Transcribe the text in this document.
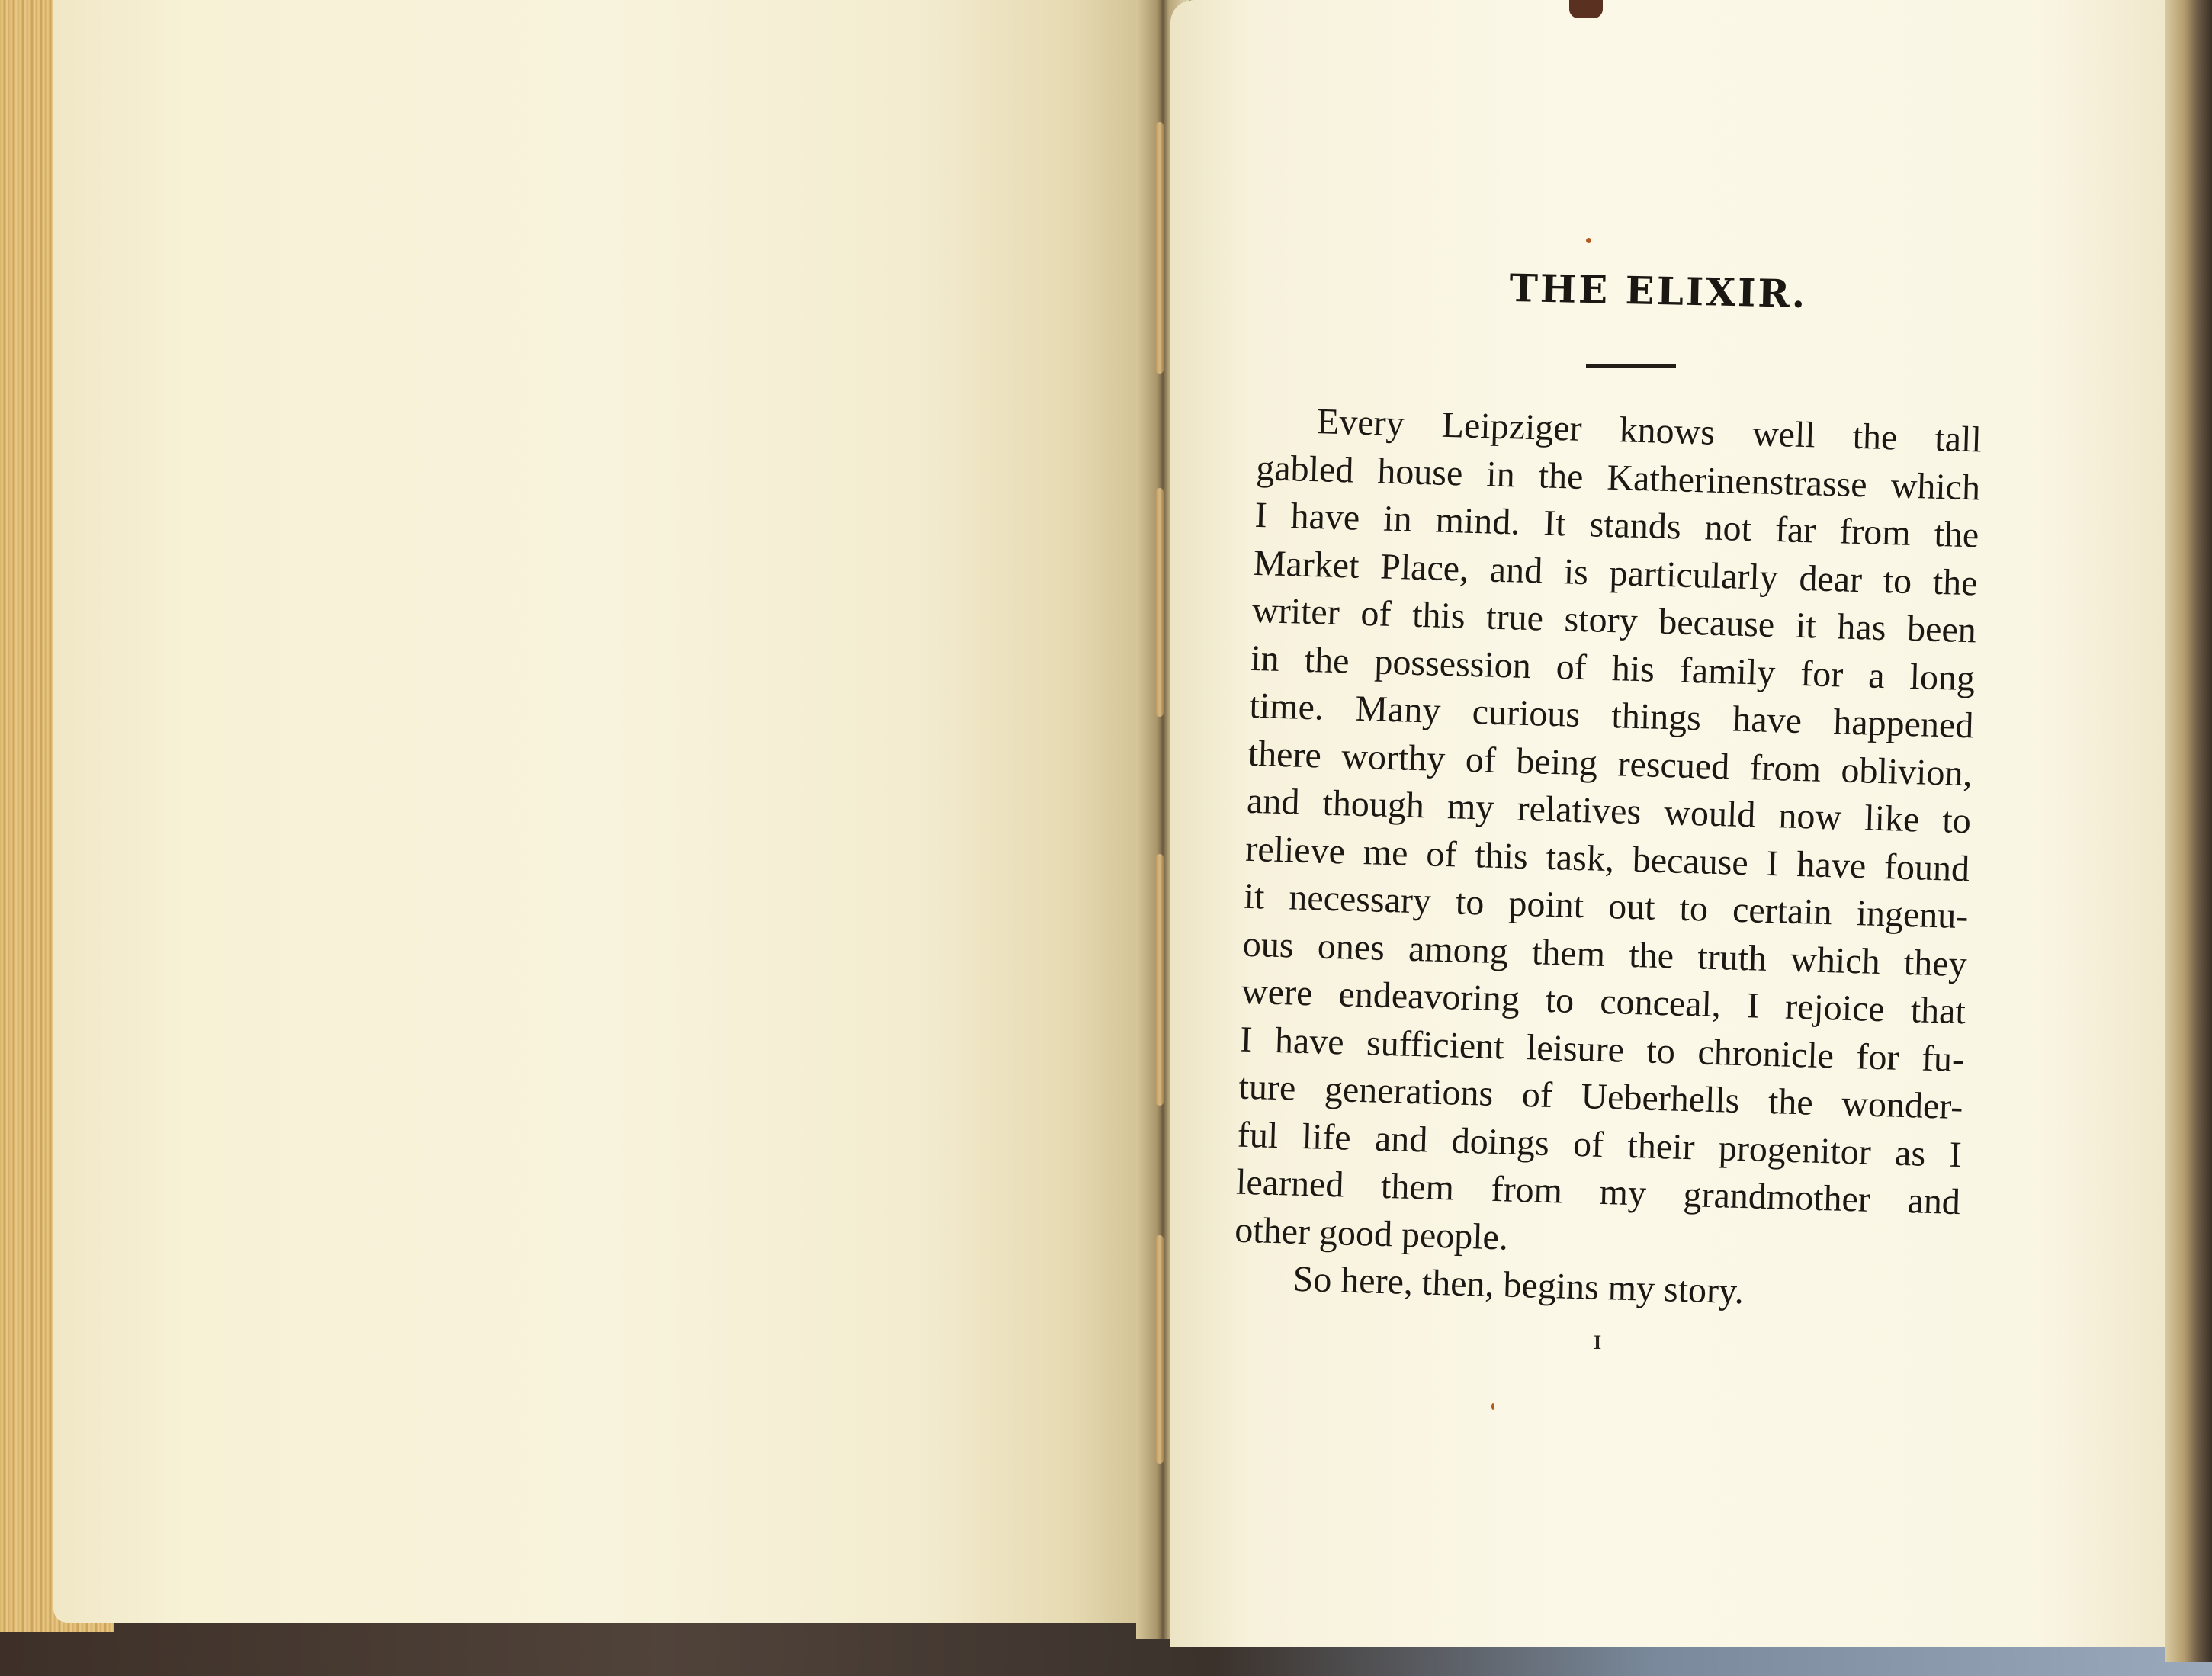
THE ELIXIR.
Every Leipziger knows well the tall
gabled house in the Katherinenstrasse which
I have in mind. It stands not far from the
Market Place, and is particularly dear to the
writer of this true story because it has been
in the possession of his family for a long
time. Many curious things have happened
there worthy of being rescued from oblivion,
and though my relatives would now like to
relieve me of this task, because I have found
it necessary to point out to certain ingenu-
ous ones among them the truth which they
were endeavoring to conceal, I rejoice that
I have sufficient leisure to chronicle for fu-
ture generations of Ueberhells the wonder-
ful life and doings of their progenitor as I
learned them from my grandmother and
other good people.
So here, then, begins my story.
I
